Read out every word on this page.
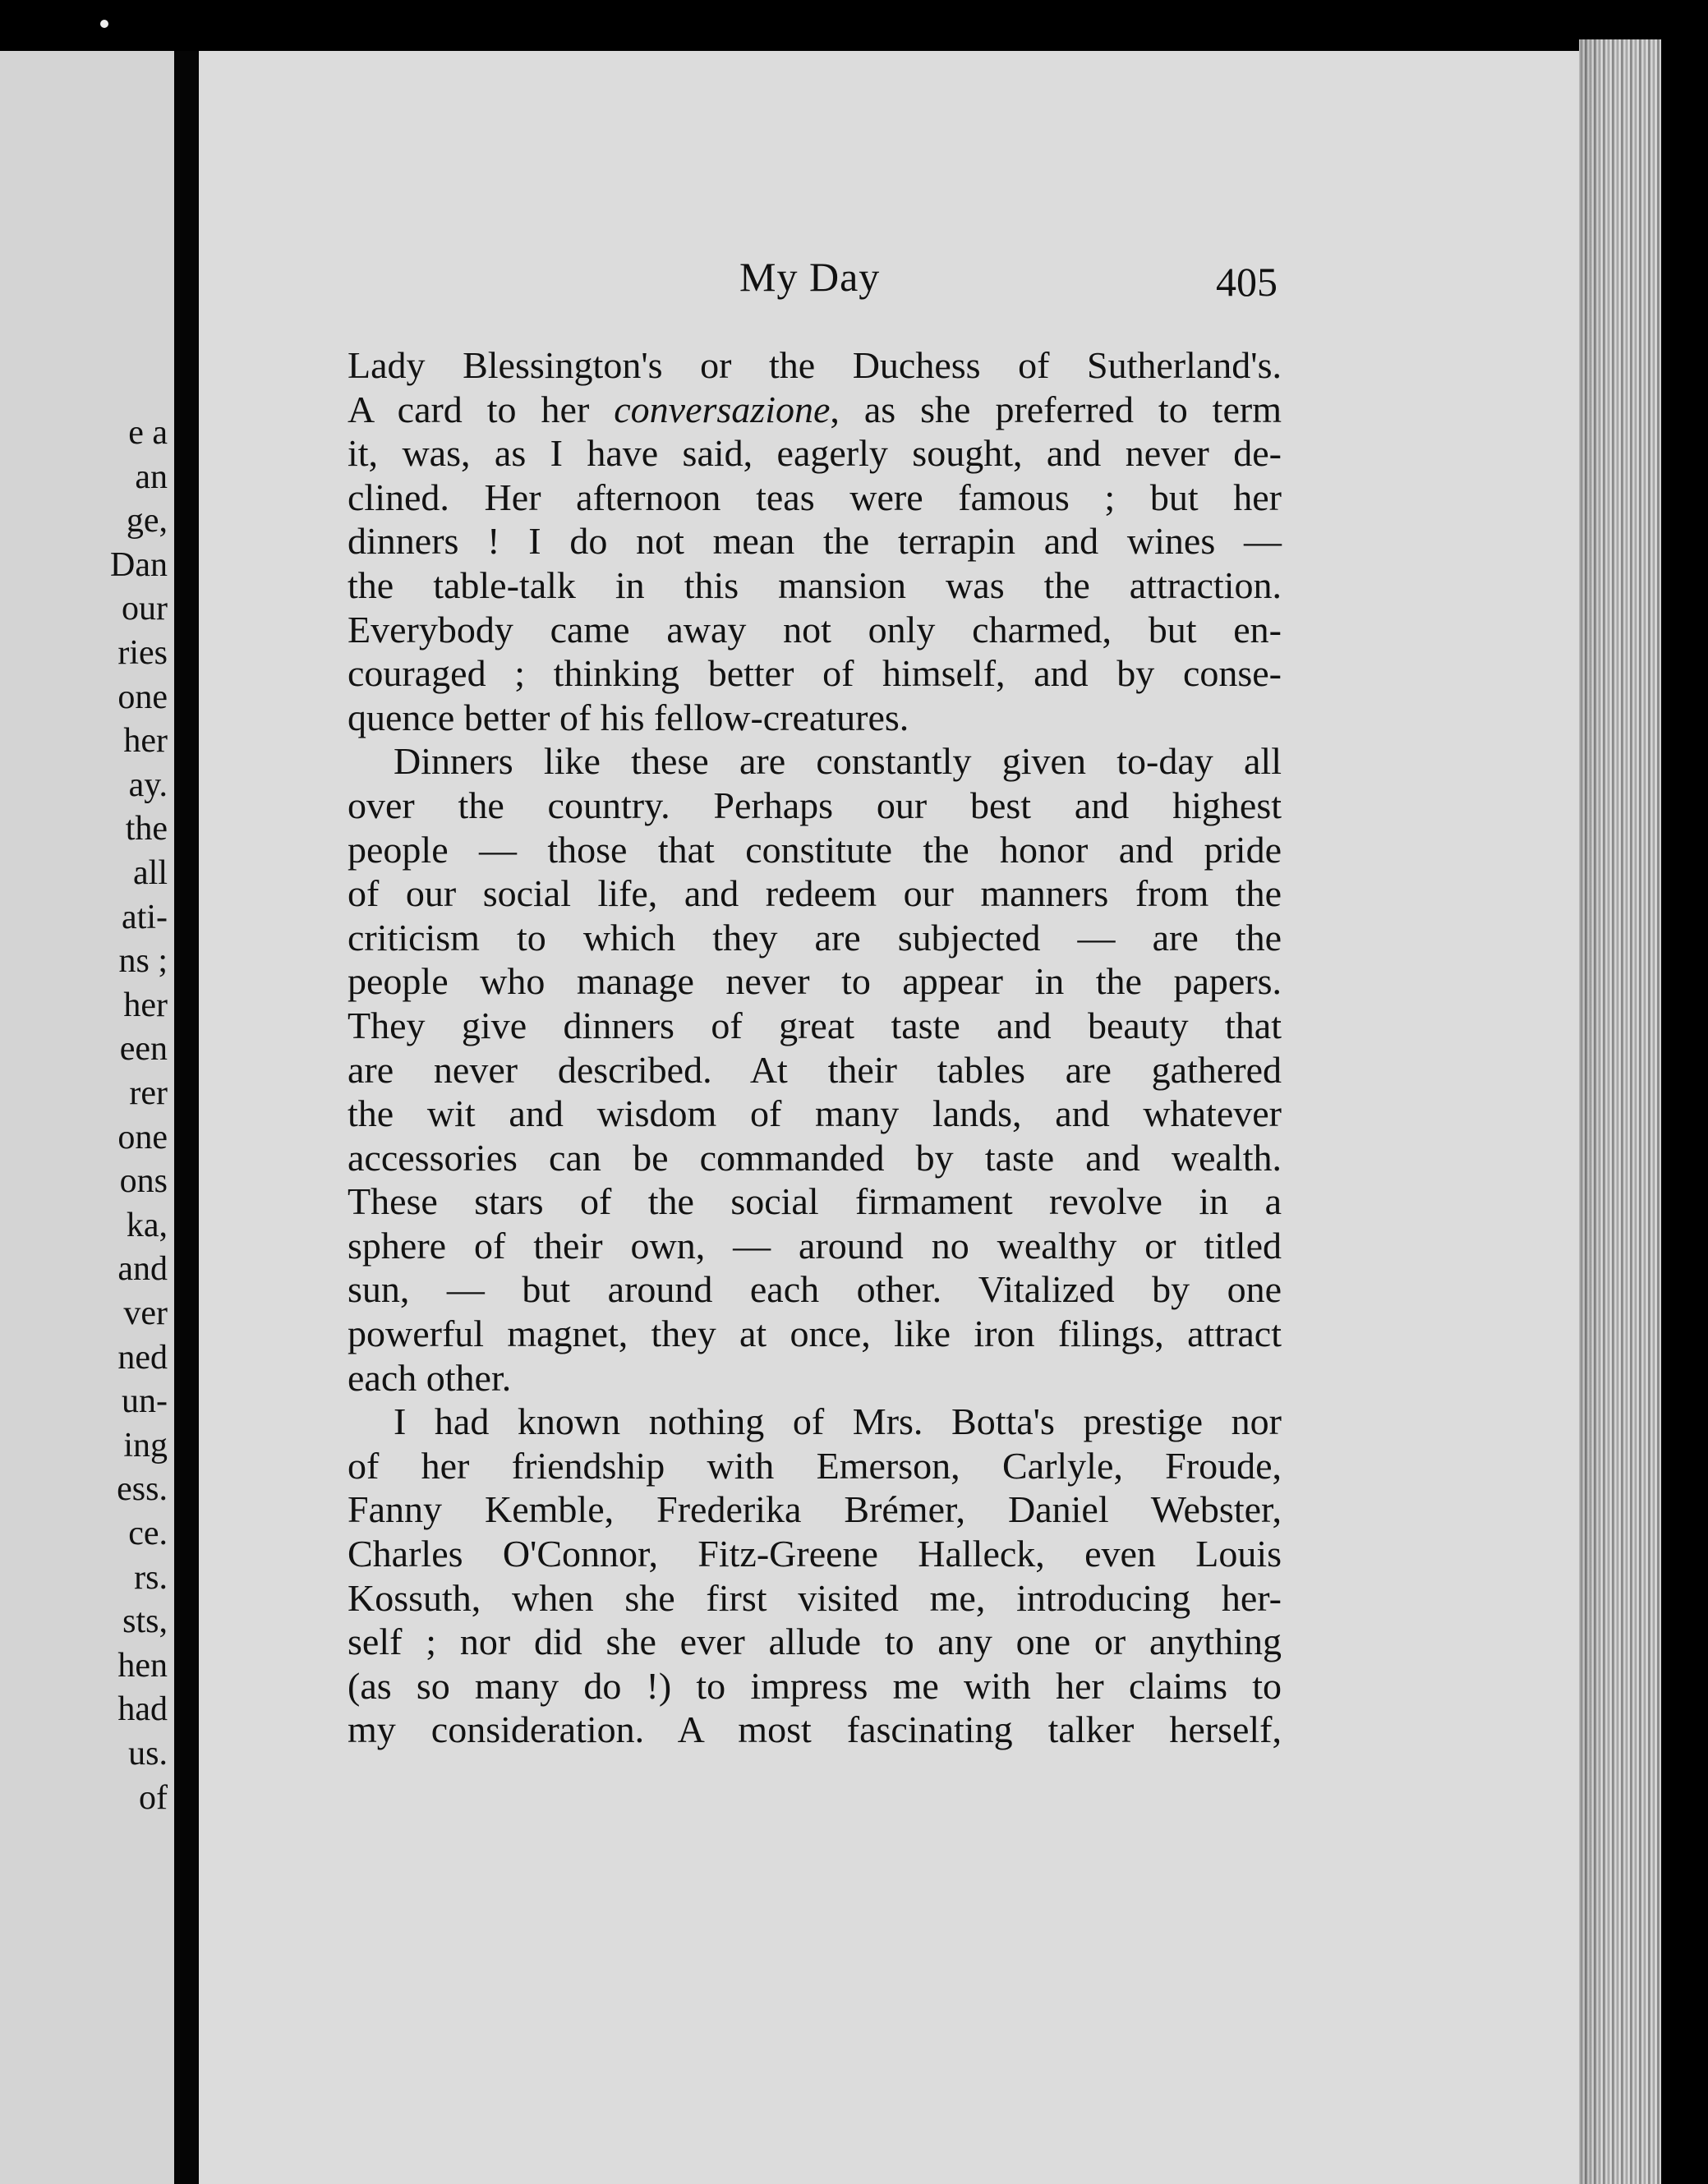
e a
an
ge,
Dan
our
ries
one
her
ay.
the
all
ati-
ns ;
her
een
rer
one
ons
ka,
and
ver
ned
un-
ing
ess.
ce.
rs.
sts,
hen
had
us.
of
My Day	405
Lady Blessington's or the Duchess of Sutherland's.
A card to her conversazione, as she preferred to term
it, was, as I have said, eagerly sought, and never de-
clined. Her afternoon teas were famous ; but her
dinners ! I do not mean the terrapin and wines —
the table-talk in this mansion was the attraction.
Everybody came away not only charmed, but en-
couraged ; thinking better of himself, and by conse-
quence better of his fellow-creatures.
Dinners like these are constantly given to-day all
over the country. Perhaps our best and highest
people — those that constitute the honor and pride
of our social life, and redeem our manners from the
criticism to which they are subjected — are the
people who manage never to appear in the papers.
They give dinners of great taste and beauty that
are never described. At their tables are gathered
the wit and wisdom of many lands, and whatever
accessories can be commanded by taste and wealth.
These stars of the social firmament revolve in a
sphere of their own, — around no wealthy or titled
sun, — but around each other. Vitalized by one
powerful magnet, they at once, like iron filings, attract
each other.
I had known nothing of Mrs. Botta's prestige nor
of her friendship with Emerson, Carlyle, Froude,
Fanny Kemble, Frederika Brémer, Daniel Webster,
Charles O'Connor, Fitz-Greene Halleck, even Louis
Kossuth, when she first visited me, introducing her-
self ; nor did she ever allude to any one or anything
(as so many do !) to impress me with her claims to
my consideration. A most fascinating talker herself,
